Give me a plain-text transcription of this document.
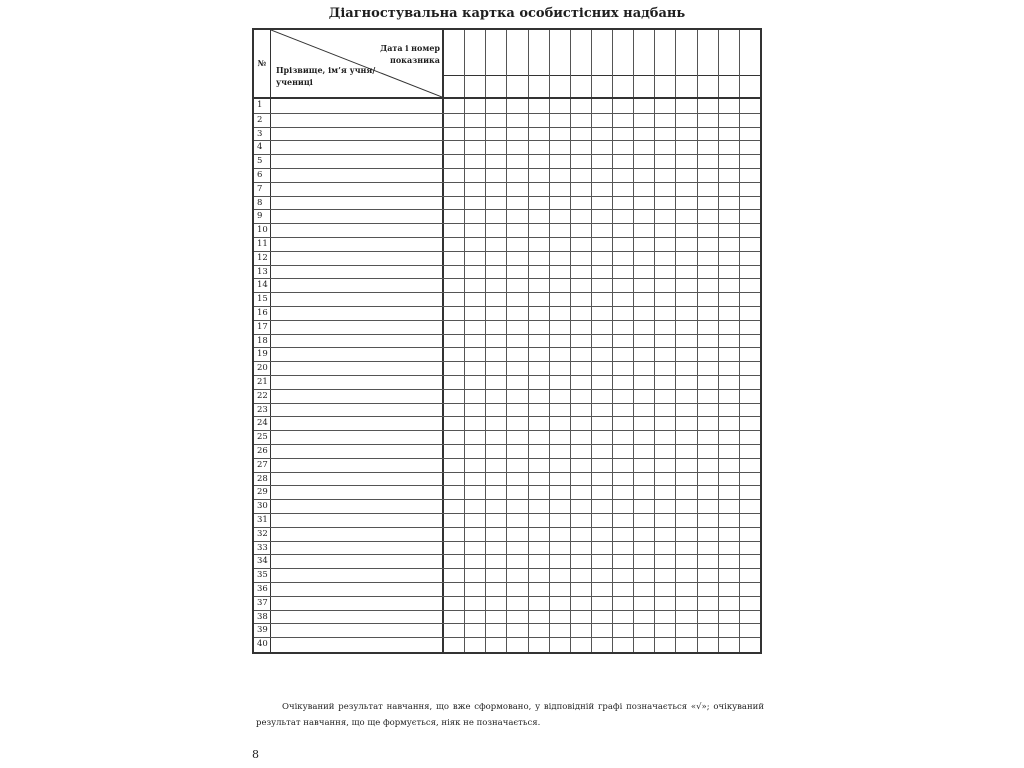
Діагностувальна картка особистісних надбань
№
Дата і номер показника
Прізвище, ім’я учня/учениці
1
2
3
4
5
6
7
8
9
10
11
12
13
14
15
16
17
18
19
20
21
22
23
24
25
26
27
28
29
30
31
32
33
34
35
36
37
38
39
40
Очікуваний результат навчання, що вже сформовано, у відповідній графі позначається «√»; очікуваний результат навчання, що ще формується, ніяк не позначається.
8
